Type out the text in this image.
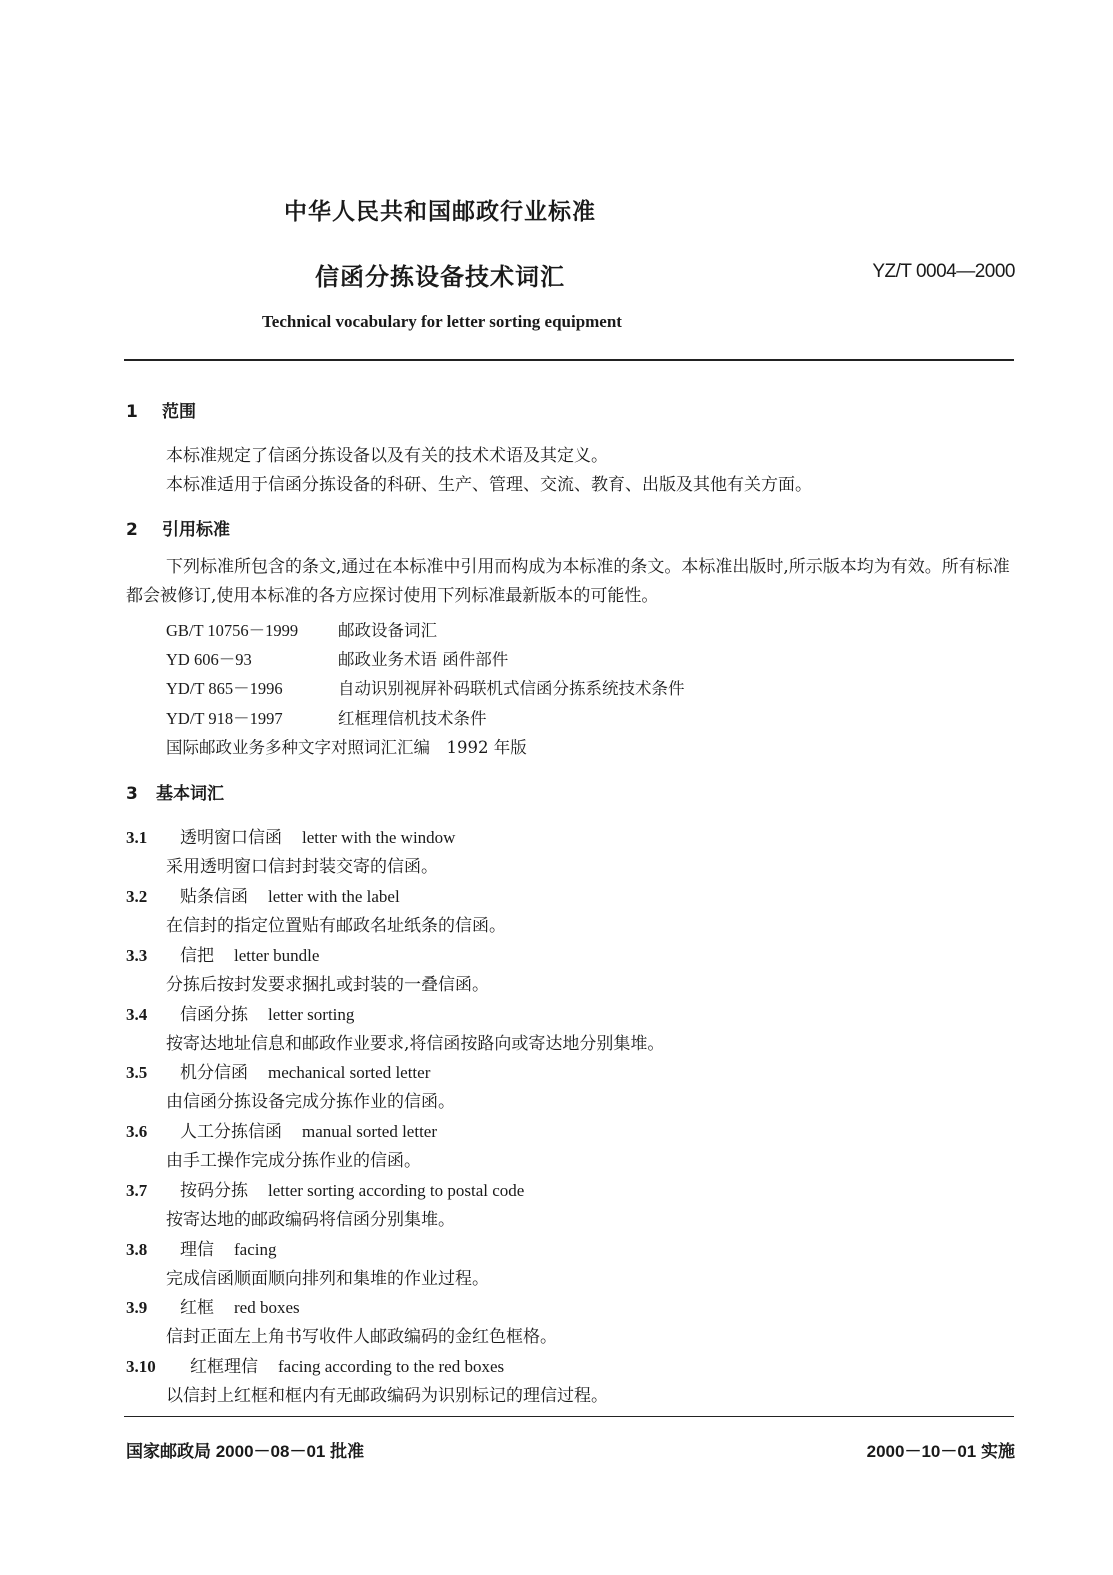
中华人民共和国邮政行业标准
信函分拣设备技术词汇	YZ/T 0004—2000
Technical vocabulary for letter sorting equipment
1 范围
本标准规定了信函分拣设备以及有关的技术术语及其定义。
本标准适用于信函分拣设备的科研、生产、管理、交流、教育、出版及其他有关方面。
2 引用标准
下列标准所包含的条文,通过在本标准中引用而构成为本标准的条文。本标准出版时,所示版本均为有效。所有标准都会被修订,使用本标准的各方应探讨使用下列标准最新版本的可能性。
GB/T 10756－1999 邮政设备词汇
YD 606－93	邮政业务术语 函件部件
YD/T 865－1996	自动识别视屏补码联机式信函分拣系统技术条件
YD/T 918－1997	红框理信机技术条件
国际邮政业务多种文字对照词汇汇编　1992 年版
3 基本词汇
3.1 透明窗口信函 letter with the window
采用透明窗口信封封装交寄的信函。
3.2 贴条信函 letter with the label
在信封的指定位置贴有邮政名址纸条的信函。
3.3 信把 letter bundle
分拣后按封发要求捆扎或封装的一叠信函。
3.4 信函分拣 letter sorting
按寄达地址信息和邮政作业要求,将信函按路向或寄达地分别集堆。
3.5 机分信函 mechanical sorted letter
由信函分拣设备完成分拣作业的信函。
3.6 人工分拣信函 manual sorted letter
由手工操作完成分拣作业的信函。
3.7 按码分拣 letter sorting according to postal code
按寄达地的邮政编码将信函分别集堆。
3.8 理信 facing
完成信函顺面顺向排列和集堆的作业过程。
3.9 红框 red boxes
信封正面左上角书写收件人邮政编码的金红色框格。
3.10 红框理信 facing according to the red boxes
以信封上红框和框内有无邮政编码为识别标记的理信过程。
国家邮政局 2000－08－01 批准	2000－10－01 实施
